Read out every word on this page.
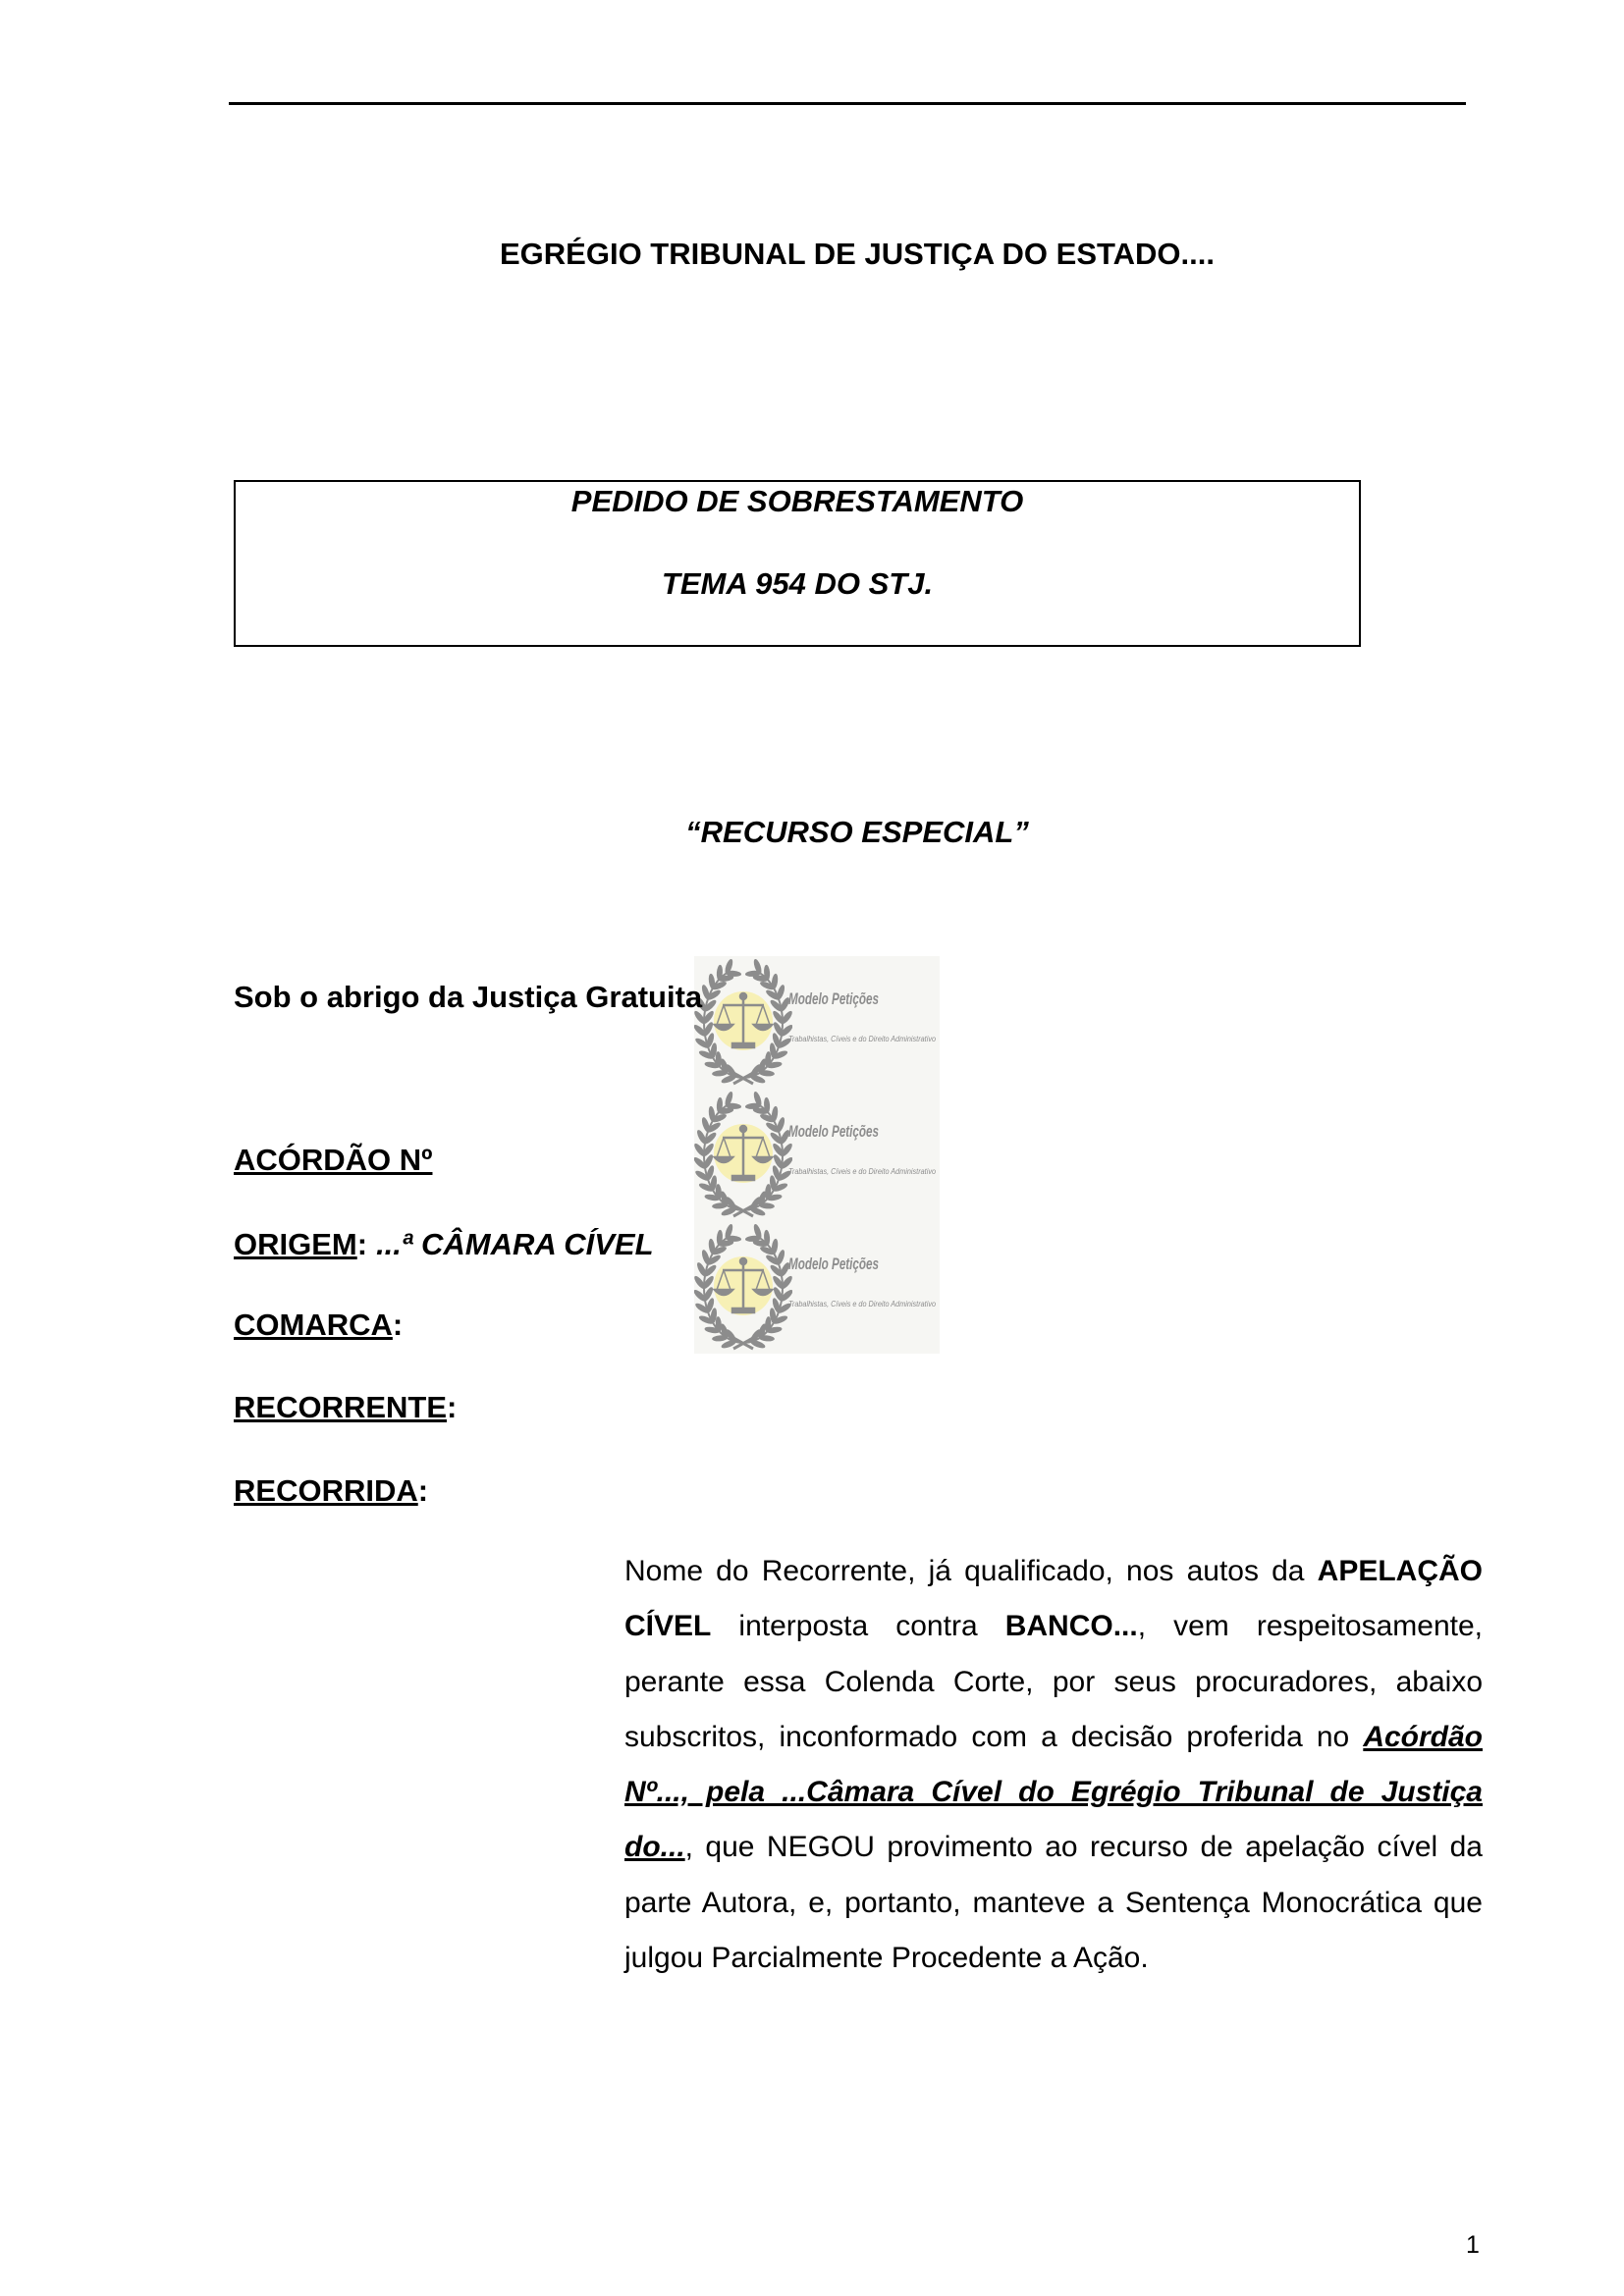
EGRÉGIO TRIBUNAL DE JUSTIÇA DO ESTADO....
PEDIDO DE SOBRESTAMENTO
TEMA 954 DO STJ.
“RECURSO ESPECIAL”
Modelo Petições
Trabalhistas, Cíveis e do Direito Administrativo
Modelo Petições
Trabalhistas, Cíveis e do Direito Administrativo
Modelo Petições
Trabalhistas, Cíveis e do Direito Administrativo
Sob o abrigo da Justiça Gratuita
ACÓRDÃO Nº
ORIGEM: ...ª CÂMARA CÍVEL
COMARCA:
RECORRENTE:
RECORRIDA:
Nome do Recorrente, já qualificado, nos autos da APELAÇÃO
CÍVEL interposta contra BANCO..., vem respeitosamente,
perante essa Colenda Corte, por seus procuradores, abaixo
subscritos, inconformado com a decisão proferida no Acórdão
Nº..., pela ...Câmara Cível do Egrégio Tribunal de Justiça
do..., que NEGOU provimento ao recurso de apelação cível da
parte Autora, e, portanto, manteve a Sentença Monocrática que
julgou Parcialmente Procedente a Ação.
1
